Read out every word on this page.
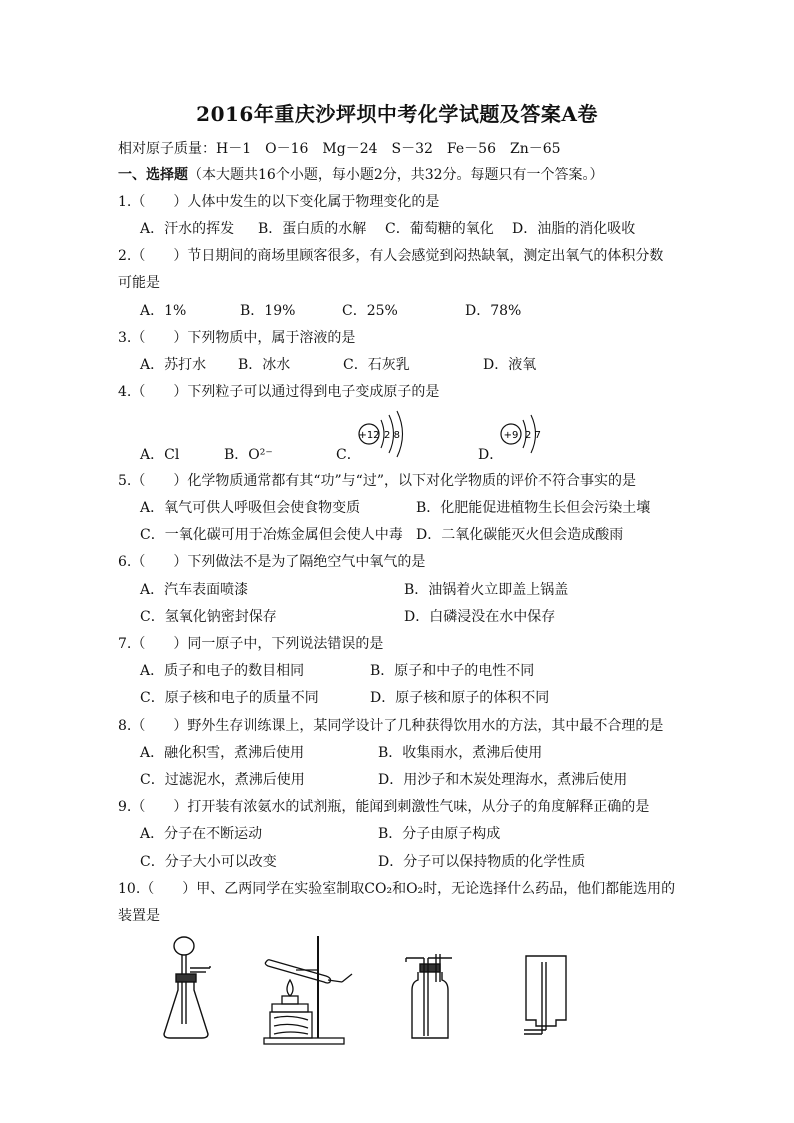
2016年重庆沙坪坝中考化学试题及答案A卷
相对原子质量：H－1　O－16　Mg－24　S－32　Fe－56　Zn－65
一、选择题（本大题共16个小题，每小题2分，共32分。每题只有一个答案。）
1.（　　）人体中发生的以下变化属于物理变化的是
A．汗水的挥发 B．蛋白质的水解 C．葡萄糖的氧化 D．油脂的消化吸收
2.（　　）节日期间的商场里顾客很多，有人会感觉到闷热缺氧，测定出氧气的体积分数
可能是
A．1%	B．19%	C．25%	D．78%
3.（　　）下列物质中，属于溶液的是
A．苏打水 B．冰水	C．石灰乳	D．液氧
4.（　　）下列粒子可以通过得到电子变成原子的是
A．Cl	B．O²⁻	C．	D．
+12 2 8	+9 2 7
5.（　　）化学物质通常都有其“功”与“过”，以下对化学物质的评价不符合事实的是
A．氧气可供人呼吸但会使食物变质	B．化肥能促进植物生长但会污染土壤
C．一氧化碳可用于冶炼金属但会使人中毒 D．二氧化碳能灭火但会造成酸雨
6.（　　）下列做法不是为了隔绝空气中氧气的是
A．汽车表面喷漆	B．油锅着火立即盖上锅盖
C．氢氧化钠密封保存	D．白磷浸没在水中保存
7.（　　）同一原子中，下列说法错误的是
A．质子和电子的数目相同	B．原子和中子的电性不同
C．原子核和电子的质量不同	D．原子核和原子的体积不同
8.（　　）野外生存训练课上，某同学设计了几种获得饮用水的方法，其中最不合理的是
A．融化积雪，煮沸后使用	B．收集雨水，煮沸后使用
C．过滤泥水，煮沸后使用	D．用沙子和木炭处理海水，煮沸后使用
9.（　　）打开装有浓氨水的试剂瓶，能闻到刺激性气味，从分子的角度解释正确的是
A．分子在不断运动	B．分子由原子构成
C．分子大小可以改变	D．分子可以保持物质的化学性质
10.（　　）甲、乙两同学在实验室制取CO₂和O₂时，无论选择什么药品，他们都能选用的
装置是
